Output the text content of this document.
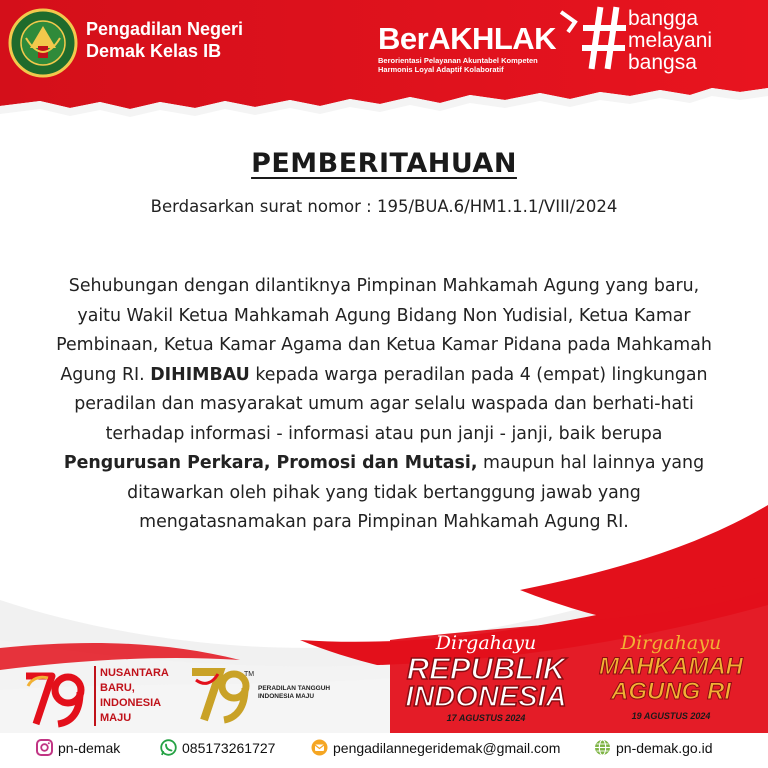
Pengadilan Negeri
Demak Kelas IB	BerAKHLAK
Berorientasi Pelayanan Akuntabel Kompeten
Harmonis Loyal Adaptif Kolaboratif
bangga
melayani
bangsa
PEMBERITAHUAN
Berdasarkan surat nomor : 195/BUA.6/HM1.1.1/VIII/2024
Sehubungan dengan dilantiknya Pimpinan Mahkamah Agung yang baru, yaitu Wakil Ketua Mahkamah Agung Bidang Non Yudisial, Ketua Kamar Pembinaan, Ketua Kamar Agama dan Ketua Kamar Pidana pada Mahkamah Agung RI. DIHIMBAU kepada warga peradilan pada 4 (empat) lingkungan peradilan dan masyarakat umum agar selalu waspada dan berhati-hati terhadap informasi - informasi atau pun janji - janji, baik berupa Pengurusan Perkara, Promosi dan Mutasi, maupun hal lainnya yang ditawarkan oleh pihak yang tidak bertanggung jawab yang mengatasnamakan para Pimpinan Mahkamah Agung RI.
NUSANTARA
BARU,
INDONESIA
MAJU
TM
PERADILAN TANGGUH
INDONESIA MAJU
Dirgahayu
REPUBLIK
INDONESIA
17 AGUSTUS 2024
Dirgahayu
MAHKAMAH
AGUNG RI
19 AGUSTUS 2024
pn-demak	085173261727	pengadilannegeridemak@gmail.com	pn-demak.go.id
